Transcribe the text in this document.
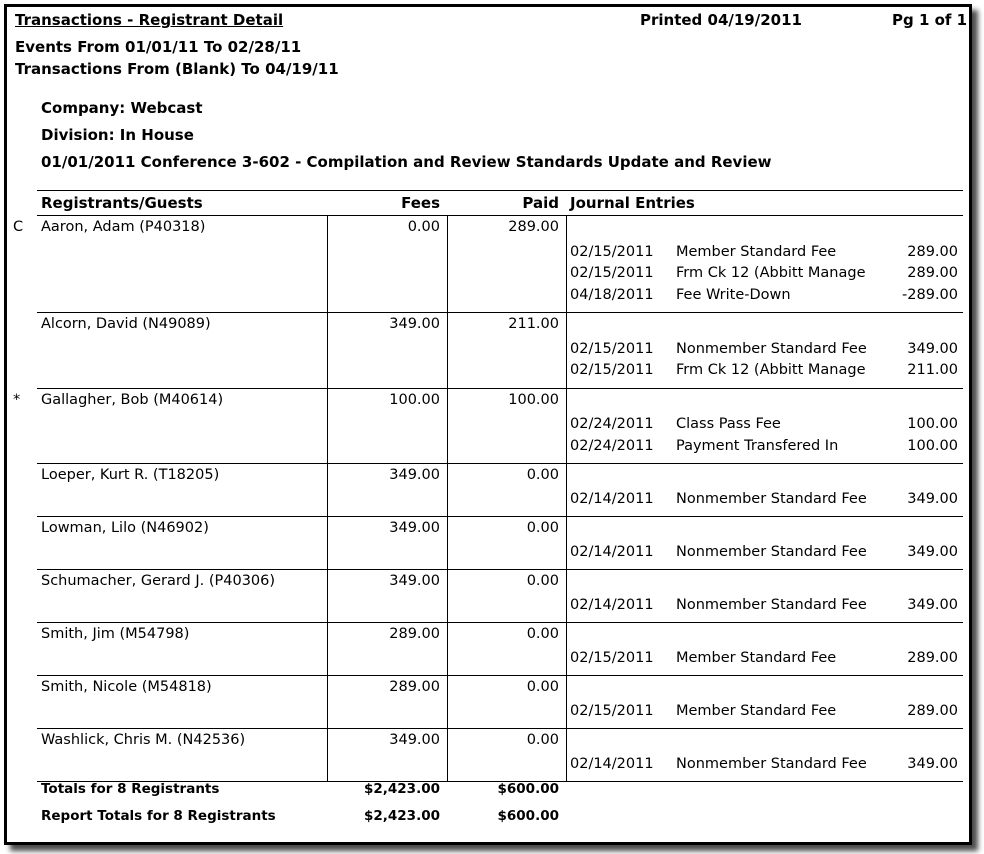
Transactions - Registrant Detail	Printed 04/19/2011	Pg 1 of 1
Events From 01/01/11 To 02/28/11
Transactions From (Blank) To 04/19/11
Company: Webcast
Division: In House
01/01/2011 Conference 3-602 - Compilation and Review Standards Update and Review
Registrants/Guests	Fees	Paid Journal Entries
C Aaron, Adam (P40318)	0.00	289.00
02/15/2011 Member Standard Fee	289.00
02/15/2011 Frm Ck 12 (Abbitt Manage	289.00
04/18/2011 Fee Write-Down	-289.00
Alcorn, David (N49089)	349.00	211.00
02/15/2011 Nonmember Standard Fee	349.00
02/15/2011 Frm Ck 12 (Abbitt Manage	211.00
* Gallagher, Bob (M40614)	100.00	100.00
02/24/2011 Class Pass Fee	100.00
02/24/2011 Payment Transfered In	100.00
Loeper, Kurt R. (T18205)	349.00	0.00
02/14/2011 Nonmember Standard Fee	349.00
Lowman, Lilo (N46902)	349.00	0.00
02/14/2011 Nonmember Standard Fee	349.00
Schumacher, Gerard J. (P40306)	349.00	0.00
02/14/2011 Nonmember Standard Fee	349.00
Smith, Jim (M54798)	289.00	0.00
02/15/2011 Member Standard Fee	289.00
Smith, Nicole (M54818)	289.00	0.00
02/15/2011 Member Standard Fee	289.00
Washlick, Chris M. (N42536)	349.00	0.00
02/14/2011 Nonmember Standard Fee	349.00
Totals for 8 Registrants	$2,423.00	$600.00
Report Totals for 8 Registrants	$2,423.00	$600.00
